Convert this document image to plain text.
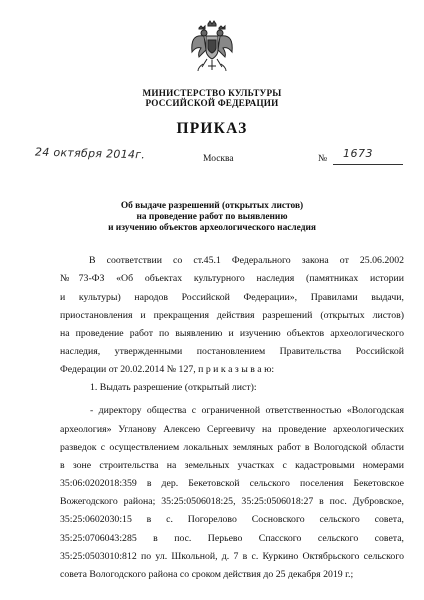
МИНИСТЕРСТВО КУЛЬТУРЫ
РОССИЙСКОЙ ФЕДЕРАЦИИ
ПРИКАЗ
24 октября 2014г.	Москва	№ 1673
Об выдаче разрешений (открытых листов)
на проведение работ по выявлению
и изучению объектов археологического наследия
В соответствии со ст.45.1 Федерального закона от 25.06.2002
№73-ФЗ «Об объектах культурного наследия (памятниках истории
и культуры) народов Российской Федерации», Правилами выдачи,
приостановления и прекращения действия разрешений (открытых листов)
на проведение работ по выявлению и изучению объектов археологического
наследия, утвержденными постановлением Правительства Российской
Федерации от 20.02.2014 № 127, п р и к а з ы в а ю:
1. Выдать разрешение (открытый лист):
- директору общества с ограниченной ответственностью «Вологодская
археология» Угланову Алексею Сергеевичу на проведение археологических
разведок с осуществлением локальных земляных работ в Вологодской области
в зоне строительства на земельных участках с кадастровыми номерами
35:06:0202018:359 в дер. Бекетовской сельского поселения Бекетовское
Вожегодского района; 35:25:0506018:25, 35:25:0506018:27 в пос. Дубровское,
35:25:0602030:15 в с. Погорелово Сосновского сельского совета,
35:25:0706043:285 в пос. Перьево Спасского сельского совета,
35:25:0503010:812 по ул. Школьной, д. 7 в с. Куркино Октябрьского сельского
совета Вологодского района со сроком действия до 25 декабря 2019 г.;
